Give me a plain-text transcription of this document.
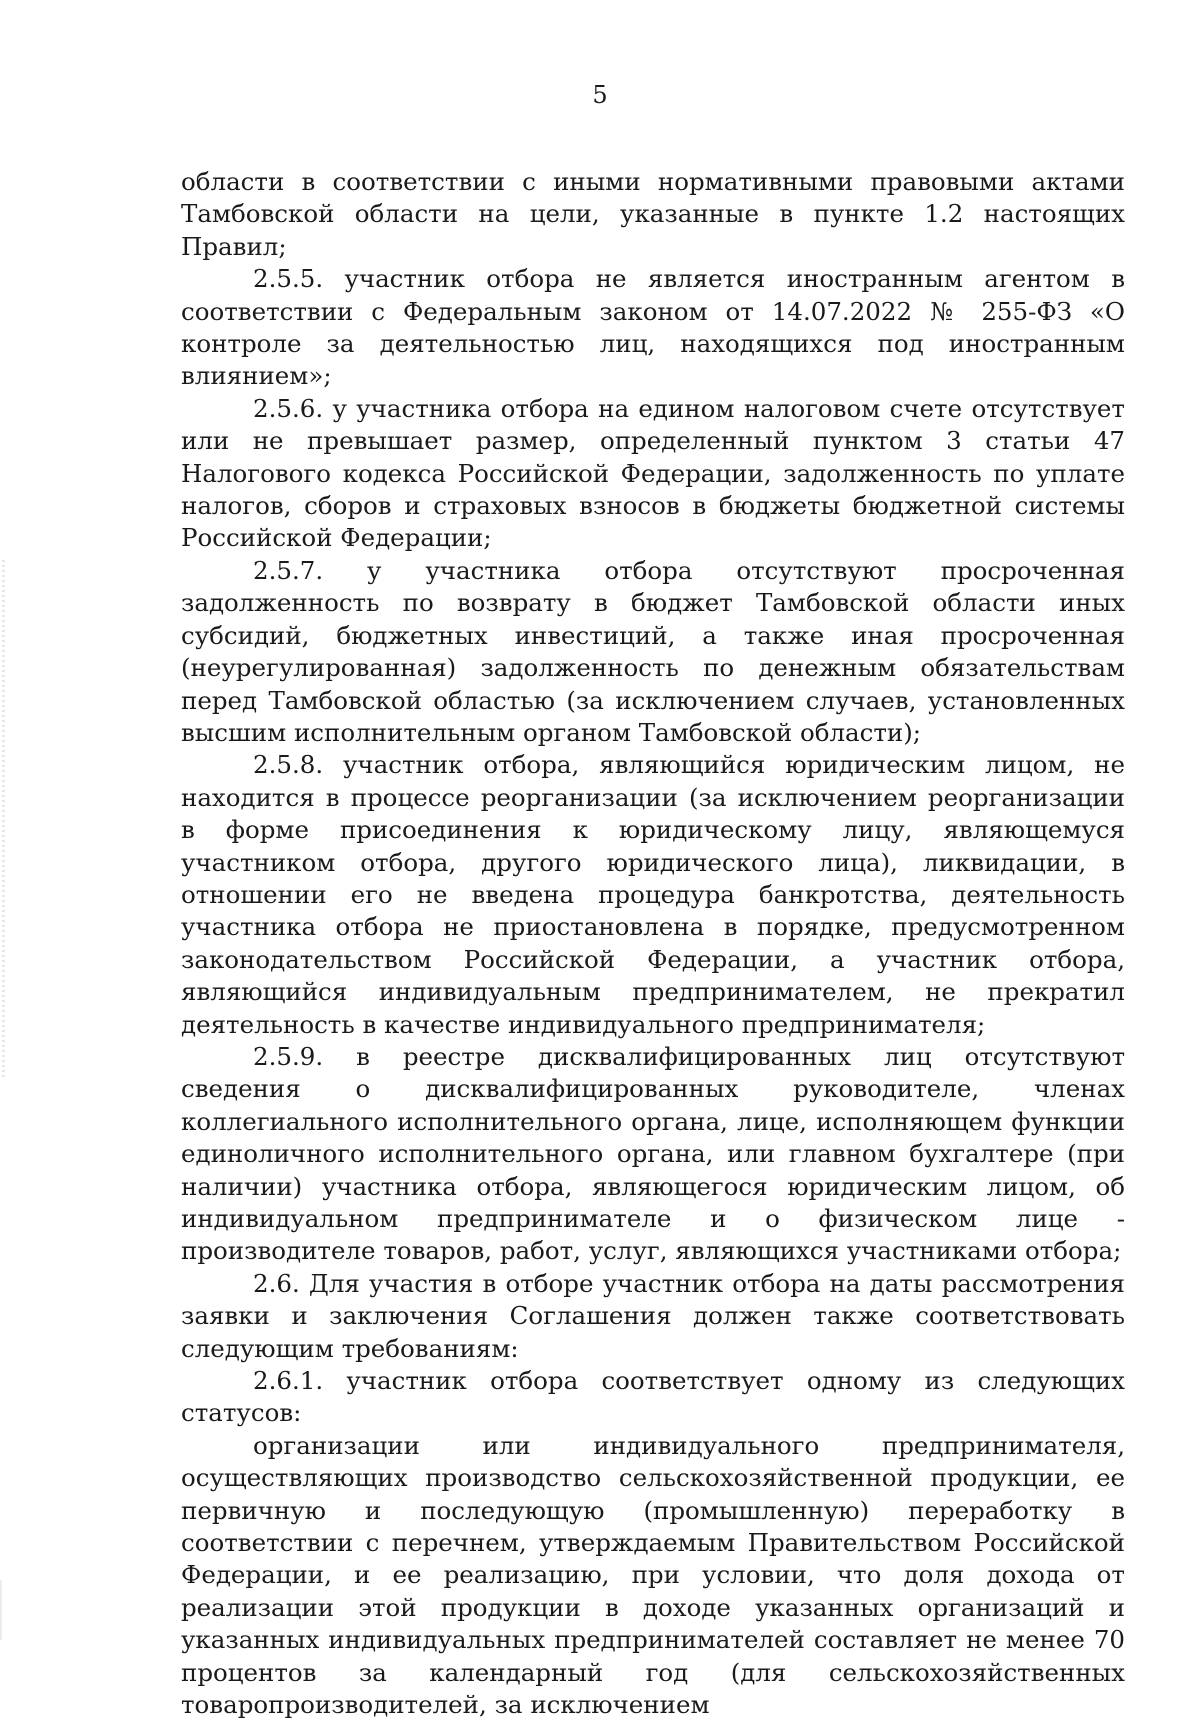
5

области в соответствии с иными нормативными правовыми актами Тамбовской области на цели, указанные в пункте 1.2 настоящих Правил;

2.5.5. участник отбора не является иностранным агентом в соответствии с Федеральным законом от 14.07.2022 № 255-ФЗ «О контроле за деятельностью лиц, находящихся под иностранным влиянием»;

2.5.6. у участника отбора на едином налоговом счете отсутствует или не превышает размер, определенный пунктом 3 статьи 47 Налогового кодекса Российской Федерации, задолженность по уплате налогов, сборов и страховых взносов в бюджеты бюджетной системы Российской Федерации;

2.5.7. у участника отбора отсутствуют просроченная задолженность по возврату в бюджет Тамбовской области иных субсидий, бюджетных инвестиций, а также иная просроченная (неурегулированная) задолженность по денежным обязательствам перед Тамбовской областью (за исключением случаев, установленных высшим исполнительным органом Тамбовской области);

2.5.8. участник отбора, являющийся юридическим лицом, не находится в процессе реорганизации (за исключением реорганизации в форме присоединения к юридическому лицу, являющемуся участником отбора, другого юридического лица), ликвидации, в отношении его не введена процедура банкротства, деятельность участника отбора не приостановлена в порядке, предусмотренном законодательством Российской Федерации, а участник отбора, являющийся индивидуальным предпринимателем, не прекратил деятельность в качестве индивидуального предпринимателя;

2.5.9. в реестре дисквалифицированных лиц отсутствуют сведения о дисквалифицированных руководителе, членах коллегиального исполнительного органа, лице, исполняющем функции единоличного исполнительного органа, или главном бухгалтере (при наличии) участника отбора, являющегося юридическим лицом, об индивидуальном предпринимателе и о физическом лице - производителе товаров, работ, услуг, являющихся участниками отбора;

2.6. Для участия в отборе участник отбора на даты рассмотрения заявки и заключения Соглашения должен также соответствовать следующим требованиям:

2.6.1. участник отбора соответствует одному из следующих статусов:

организации или индивидуального предпринимателя, осуществляющих производство сельскохозяйственной продукции, ее первичную и последующую (промышленную) переработку в соответствии с перечнем, утверждаемым Правительством Российской Федерации, и ее реализацию, при условии, что доля дохода от реализации этой продукции в доходе указанных организаций и указанных индивидуальных предпринимателей составляет не менее 70 процентов за календарный год (для сельскохозяйственных товаропроизводителей, за исключением
